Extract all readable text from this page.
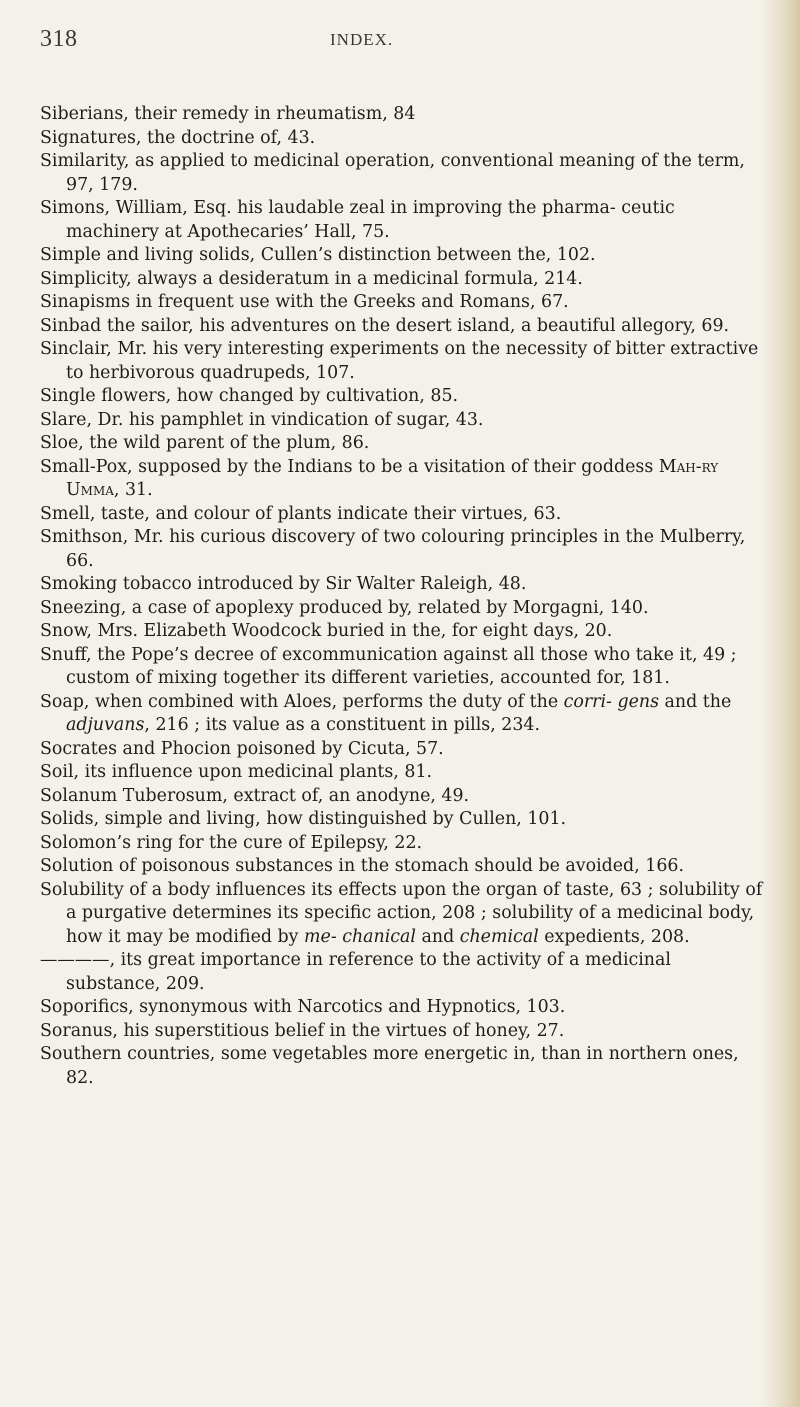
318	INDEX.

Siberians, their remedy in rheumatism, 84

Signatures, the doctrine of, 43.

Similarity, as applied to medicinal operation, conventional meaning of the term, 97, 179.

Simons, William, Esq. his laudable zeal in improving the pharma- ceutic machinery at Apothecaries’ Hall, 75.

Simple and living solids, Cullen’s distinction between the, 102.

Simplicity, always a desideratum in a medicinal formula, 214.

Sinapisms in frequent use with the Greeks and Romans, 67.

Sinbad the sailor, his adventures on the desert island, a beautiful allegory, 69.

Sinclair, Mr. his very interesting experiments on the necessity of bitter extractive to herbivorous quadrupeds, 107.

Single flowers, how changed by cultivation, 85.

Slare, Dr. his pamphlet in vindication of sugar, 43.

Sloe, the wild parent of the plum, 86.

Small-Pox, supposed by the Indians to be a visitation of their goddess Mah-ry Umma, 31.

Smell, taste, and colour of plants indicate their virtues, 63.

Smithson, Mr. his curious discovery of two colouring principles in the Mulberry, 66.

Smoking tobacco introduced by Sir Walter Raleigh, 48.

Sneezing, a case of apoplexy produced by, related by Morgagni, 140.

Snow, Mrs. Elizabeth Woodcock buried in the, for eight days, 20.

Snuff, the Pope’s decree of excommunication against all those who take it, 49 ; custom of mixing together its different varieties, accounted for, 181.

Soap, when combined with Aloes, performs the duty of the corri- gens and the adjuvans, 216 ; its value as a constituent in pills, 234.

Socrates and Phocion poisoned by Cicuta, 57.

Soil, its influence upon medicinal plants, 81.

Solanum Tuberosum, extract of, an anodyne, 49.

Solids, simple and living, how distinguished by Cullen, 101.

Solomon’s ring for the cure of Epilepsy, 22.

Solution of poisonous substances in the stomach should be avoided, 166.

Solubility of a body influences its effects upon the organ of taste, 63 ; solubility of a purgative determines its specific action, 208 ; solubility of a medicinal body, how it may be modified by me- chanical and chemical expedients, 208.

————, its great importance in reference to the activity of a medicinal substance, 209.

Soporifics, synonymous with Narcotics and Hypnotics, 103.

Soranus, his superstitious belief in the virtues of honey, 27.

Southern countries, some vegetables more energetic in, than in northern ones, 82.
